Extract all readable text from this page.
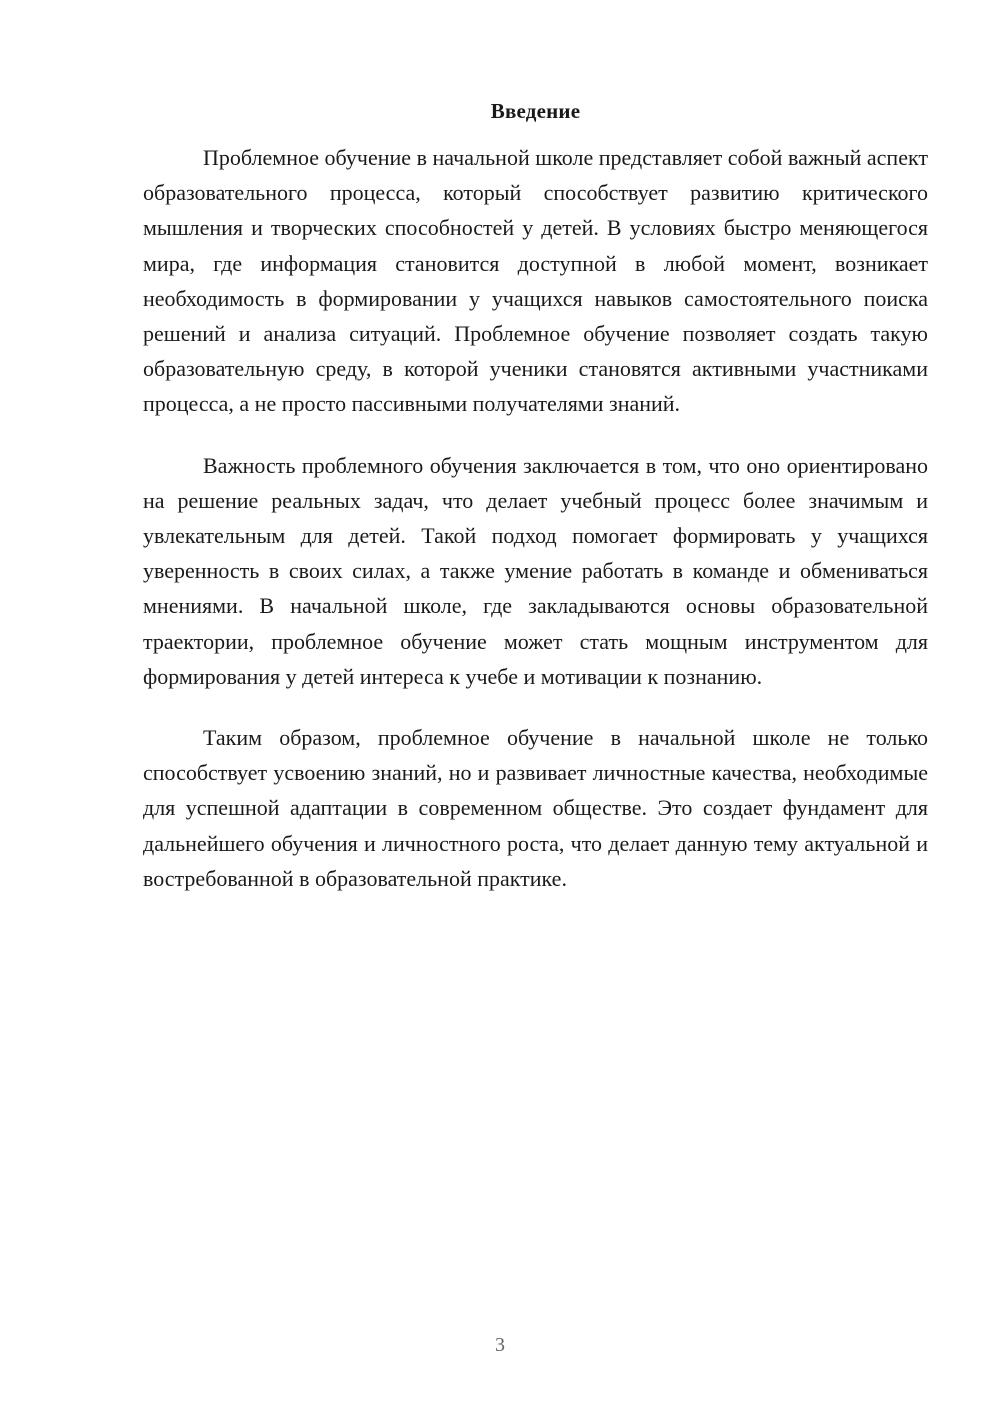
Введение

Проблемное обучение в начальной школе представляет собой важный аспект образовательного процесса, который способствует развитию критического мышления и творческих способностей у детей. В условиях быстро меняющегося мира, где информация становится доступной в любой момент, возникает необходимость в формировании у учащихся навыков самостоятельного поиска решений и анализа ситуаций. Проблемное обучение позволяет создать такую образовательную среду, в которой ученики становятся активными участниками процесса, а не просто пассивными получателями знаний.

Важность проблемного обучения заключается в том, что оно ориентировано на решение реальных задач, что делает учебный процесс более значимым и увлекательным для детей. Такой подход помогает формировать у учащихся уверенность в своих силах, а также умение работать в команде и обмениваться мнениями. В начальной школе, где закладываются основы образовательной траектории, проблемное обучение может стать мощным инструментом для формирования у детей интереса к учебе и мотивации к познанию.

Таким образом, проблемное обучение в начальной школе не только способствует усвоению знаний, но и развивает личностные качества, необходимые для успешной адаптации в современном обществе. Это создает фундамент для дальнейшего обучения и личностного роста, что делает данную тему актуальной и востребованной в образовательной практике.

3
